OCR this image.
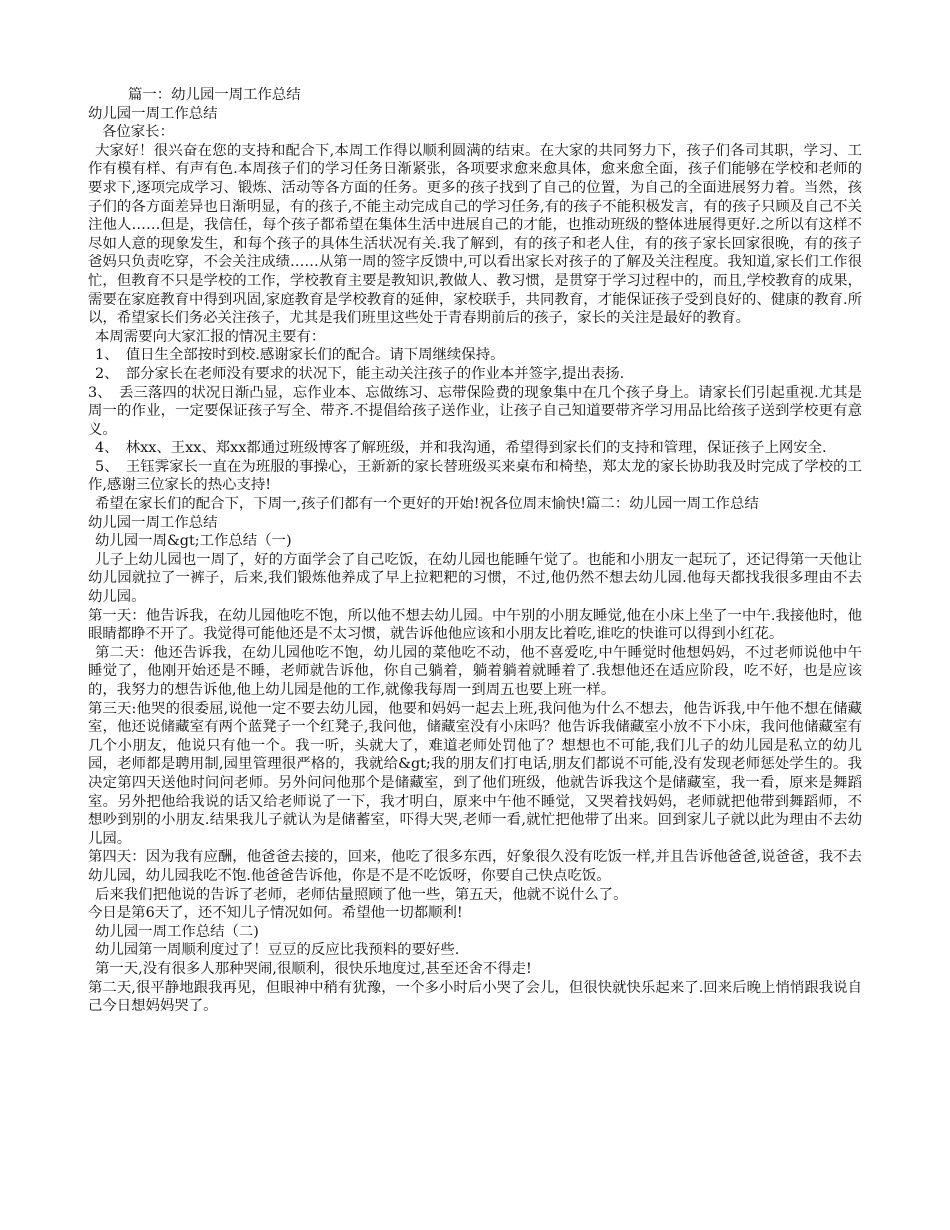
篇一：幼儿园一周工作总结

幼儿园一周工作总结

各位家长：

大家好！很兴奋在您的支持和配合下,本周工作得以顺利圆满的结束。在大家的共同努力下，孩子们各司其职，学习、工作有模有样、有声有色.本周孩子们的学习任务日渐紧张，各项要求愈来愈具体，愈来愈全面，孩子们能够在学校和老师的要求下,逐项完成学习、锻炼、活动等各方面的任务。更多的孩子找到了自己的位置，为自己的全面进展努力着。当然，孩子们的各方面差异也日渐明显，有的孩子,不能主动完成自己的学习任务,有的孩子不能积极发言，有的孩子只顾及自己不关注他人……但是，我信任，每个孩子都希望在集体生活中进展自己的才能，也推动班级的整体进展得更好.之所以有这样不尽如人意的现象发生，和每个孩子的具体生活状况有关.我了解到，有的孩子和老人住，有的孩子家长回家很晚，有的孩子爸妈只负责吃穿，不会关注成绩……从第一周的签字反馈中,可以看出家长对孩子的了解及关注程度。我知道,家长们工作很忙，但教育不只是学校的工作，学校教育主要是教知识,教做人、教习惯，是贯穿于学习过程中的，而且,学校教育的成果，需要在家庭教育中得到巩固,家庭教育是学校教育的延伸，家校联手，共同教育，才能保证孩子受到良好的、健康的教育.所以，希望家长们务必关注孩子，尤其是我们班里这些处于青春期前后的孩子，家长的关注是最好的教育。

本周需要向大家汇报的情况主要有：

1、　值日生全部按时到校.感谢家长们的配合。请下周继续保持。

2、　部分家长在老师没有要求的状况下，能主动关注孩子的作业本并签字,提出表扬.

3、　丢三落四的状况日渐凸显，忘作业本、忘做练习、忘带保险费的现象集中在几个孩子身上。请家长们引起重视.尤其是周一的作业，一定要保证孩子写全、带齐.不提倡给孩子送作业，让孩子自己知道要带齐学习用品比给孩子送到学校更有意义。

4、　林xx、王xx、郑xx都通过班级博客了解班级，并和我沟通，希望得到家长们的支持和管理，保证孩子上网安全.

5、　王钰霁家长一直在为班服的事操心，王新新的家长替班级买来桌布和椅垫，郑太龙的家长协助我及时完成了学校的工作,感谢三位家长的热心支持!

希望在家长们的配合下，下周一,孩子们都有一个更好的开始!祝各位周末愉快!篇二：幼儿园一周工作总结

幼儿园一周工作总结

幼儿园一周&gt;工作总结（一)

儿子上幼儿园也一周了，好的方面学会了自己吃饭，在幼儿园也能睡午觉了。也能和小朋友一起玩了，还记得第一天他让幼儿园就拉了一裤子，后来,我们锻炼他养成了早上拉粑粑的习惯，不过,他仍然不想去幼儿园.他每天都找我很多理由不去幼儿园。

第一天：他告诉我，在幼儿园他吃不饱，所以他不想去幼儿园。中午别的小朋友睡觉,他在小床上坐了一中午.我接他时，他眼睛都睁不开了。我觉得可能他还是不太习惯，就告诉他他应该和小朋友比着吃,谁吃的快谁可以得到小红花。

第二天：他还告诉我，在幼儿园他吃不饱，幼儿园的菜他吃不动，他不喜爱吃,中午睡觉时他想妈妈，不过老师说他中午睡觉了，他刚开始还是不睡，老师就告诉他，你自己躺着，躺着躺着就睡着了.我想他还在适应阶段，吃不好，也是应该的，我努力的想告诉他,他上幼儿园是他的工作,就像我每周一到周五也要上班一样。

第三天:他哭的很委屈,说他一定不要去幼儿园，他要和妈妈一起去上班,我问他为什么不想去，他告诉我,中午他不想在储藏室，他还说储藏室有两个蓝凳子一个红凳子,我问他，储藏室没有小床吗？他告诉我储藏室小放不下小床，我问他储藏室有几个小朋友，他说只有他一个。我一听，头就大了，难道老师处罚他了？想想也不可能,我们儿子的幼儿园是私立的幼儿园，老师都是聘用制,园里管理很严格的，我就给&gt;我的朋友们打电话,朋友们都说不可能,没有发现老师惩处学生的。我决定第四天送他时问问老师。另外问问他那个是储藏室，到了他们班级，他就告诉我这个是储藏室，我一看，原来是舞蹈室。另外把他给我说的话又给老师说了一下，我才明白，原来中午他不睡觉，又哭着找妈妈，老师就把他带到舞蹈师，不想吵到别的小朋友.结果我儿子就认为是储蓄室，吓得大哭,老师一看,就忙把他带了出来。回到家儿子就以此为理由不去幼儿园。

第四天：因为我有应酬，他爸爸去接的，回来，他吃了很多东西，好象很久没有吃饭一样,并且告诉他爸爸,说爸爸，我不去幼儿园，幼儿园我吃不饱.他爸爸告诉他，你是不是不吃饭呀，你要自己快点吃饭。

后来我们把他说的告诉了老师，老师估量照顾了他一些，第五天，他就不说什么了。

今日是第6天了，还不知儿子情况如何。希望他一切都顺利!

幼儿园一周工作总结（二)

幼儿园第一周顺利度过了！豆豆的反应比我预料的要好些.

第一天,没有很多人那种哭闹,很顺利，很快乐地度过,甚至还舍不得走!

第二天,很平静地跟我再见，但眼神中稍有犹豫，一个多小时后小哭了会儿，但很快就快乐起来了.回来后晚上悄悄跟我说自己今日想妈妈哭了。
